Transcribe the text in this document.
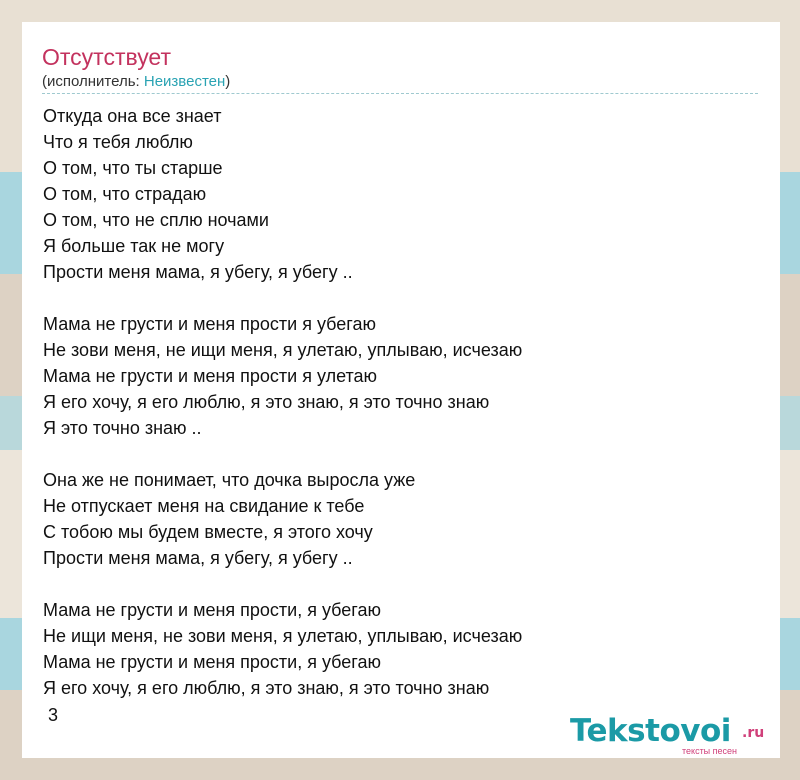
Отсутствует
(исполнитель: Неизвестен)
Откуда она все знает
Что я тебя люблю
О том, что ты старше
О том, что страдаю
О том, что не сплю ночами
Я больше так не могу
Прости меня мама, я убегу, я убегу ..
Мама не грусти и меня прости я убегаю
Не зови меня, не ищи меня, я улетаю, уплываю, исчезаю
Мама не грусти и меня прости я улетаю
Я его хочу, я его люблю, я это знаю, я это точно знаю
Я это точно знаю ..
Она же не понимает, что дочка выросла уже
Не отпускает меня на свидание к тебе
С тобою мы будем вместе, я этого хочу
Прости меня мама, я убегу, я убегу ..
Мама не грусти и меня прости, я убегаю
Не ищи меня, не зови меня, я улетаю, уплываю, исчезаю
Мама не грусти и меня прости, я убегаю
Я его хочу, я его люблю, я это знаю, я это точно знаю
3	Tekstovoi .ru
тексты песен
